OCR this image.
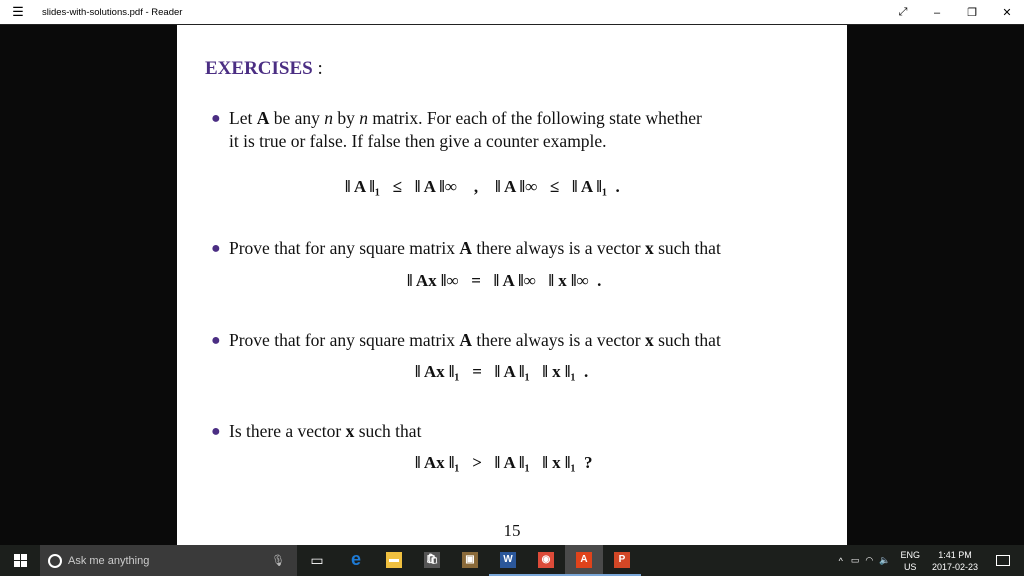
☰	slides-with-solutions.pdf - Reader	⤢	–	❐	✕
EXERCISES :
● Let A be any n by n matrix. For each of the following state whether
it is true or false. If false then give a counter example.
‖ A ‖₁   ≤   ‖ A ‖∞    ,    ‖ A ‖∞   ≤   ‖ A ‖₁  .
● Prove that for any square matrix A there always is a vector x such that
‖ Ax ‖∞   =   ‖ A ‖∞   ‖ x ‖∞  .
● Prove that for any square matrix A there always is a vector x such that
‖ Ax ‖₁   =   ‖ A ‖₁   ‖ x ‖₁  .
● Is there a vector x such that
‖ Ax ‖₁   >   ‖ A ‖₁   ‖ x ‖₁  ?
15
Ask me anything	🎙	▭	e	▬	🛍	▣	W	◉	A	P	^ ▭ ◠ 🔈
ENG
US
1:41 PM
2017-02-23
